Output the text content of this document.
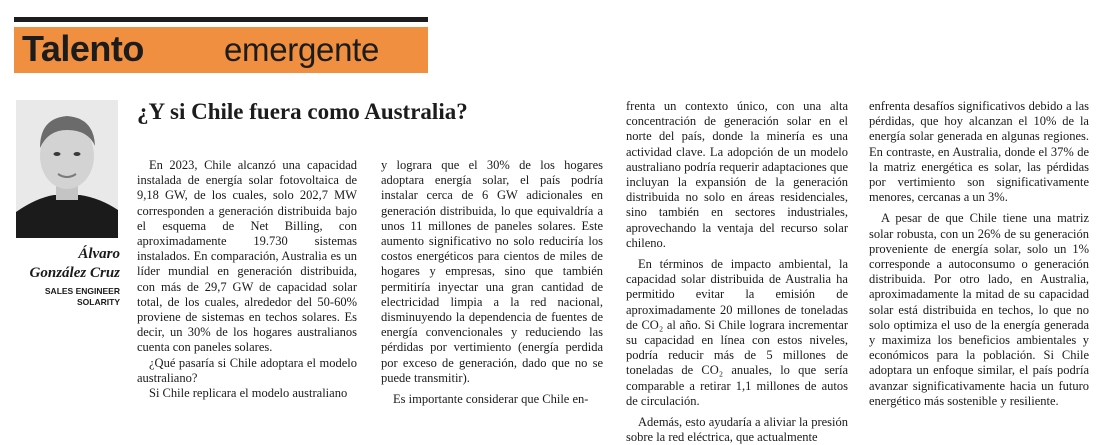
Talento emergente

Álvaro González Cruz

SALES ENGINEER SOLARITY
¿Y si Chile fuera como Australia?

En 2023, Chile alcanzó una capacidad instalada de energía solar fotovoltaica de 9,18 GW, de los cuales, solo 202,7 MW corresponden a generación distribuida bajo el esquema de Net Billing, con aproximadamente 19.730 sistemas instalados. En comparación, Australia es un líder mundial en generación distribuida, con más de 29,7 GW de capacidad solar total, de los cuales, alrededor del 50-60% proviene de sistemas en techos solares. Es decir, un 30% de los hogares australianos cuenta con paneles solares.

¿Qué pasaría si Chile adoptara el modelo australiano?

Si Chile replicara el modelo australiano

y lograra que el 30% de los hogares adoptara energía solar, el país podría instalar cerca de 6 GW adicionales en generación distribuida, lo que equivaldría a unos 11 millones de paneles solares. Este aumento significativo no solo reduciría los costos energéticos para cientos de miles de hogares y empresas, sino que también permitiría inyectar una gran cantidad de electricidad limpia a la red nacional, disminuyendo la dependencia de fuentes de energía convencionales y reduciendo las pérdidas por vertimiento (energía perdida por exceso de generación, dado que no se puede transmitir).

Es importante considerar que Chile en-

frenta un contexto único, con una alta concentración de generación solar en el norte del país, donde la minería es una actividad clave. La adopción de un modelo australiano podría requerir adaptaciones que incluyan la expansión de la generación distribuida no solo en áreas residenciales, sino también en sectores industriales, aprovechando la ventaja del recurso solar chileno.

En términos de impacto ambiental, la capacidad solar distribuida de Australia ha permitido evitar la emisión de aproximadamente 20 millones de toneladas de CO₂ al año. Si Chile lograra incrementar su capacidad en línea con estos niveles, podría reducir más de 5 millones de toneladas de CO₂ anuales, lo que sería comparable a retirar 1,1 millones de autos de circulación.

Además, esto ayudaría a aliviar la presión sobre la red eléctrica, que actualmente

enfrenta desafíos significativos debido a las pérdidas, que hoy alcanzan el 10% de la energía solar generada en algunas regiones. En contraste, en Australia, donde el 37% de la matriz energética es solar, las pérdidas por vertimiento son significativamente menores, cercanas a un 3%.

A pesar de que Chile tiene una matriz solar robusta, con un 26% de su generación proveniente de energía solar, solo un 1% corresponde a autoconsumo o generación distribuida. Por otro lado, en Australia, aproximadamente la mitad de su capacidad solar está distribuida en techos, lo que no solo optimiza el uso de la energía generada y maximiza los beneficios ambientales y económicos para la población. Si Chile adoptara un enfoque similar, el país podría avanzar significativamente hacia un futuro energético más sostenible y resiliente.
